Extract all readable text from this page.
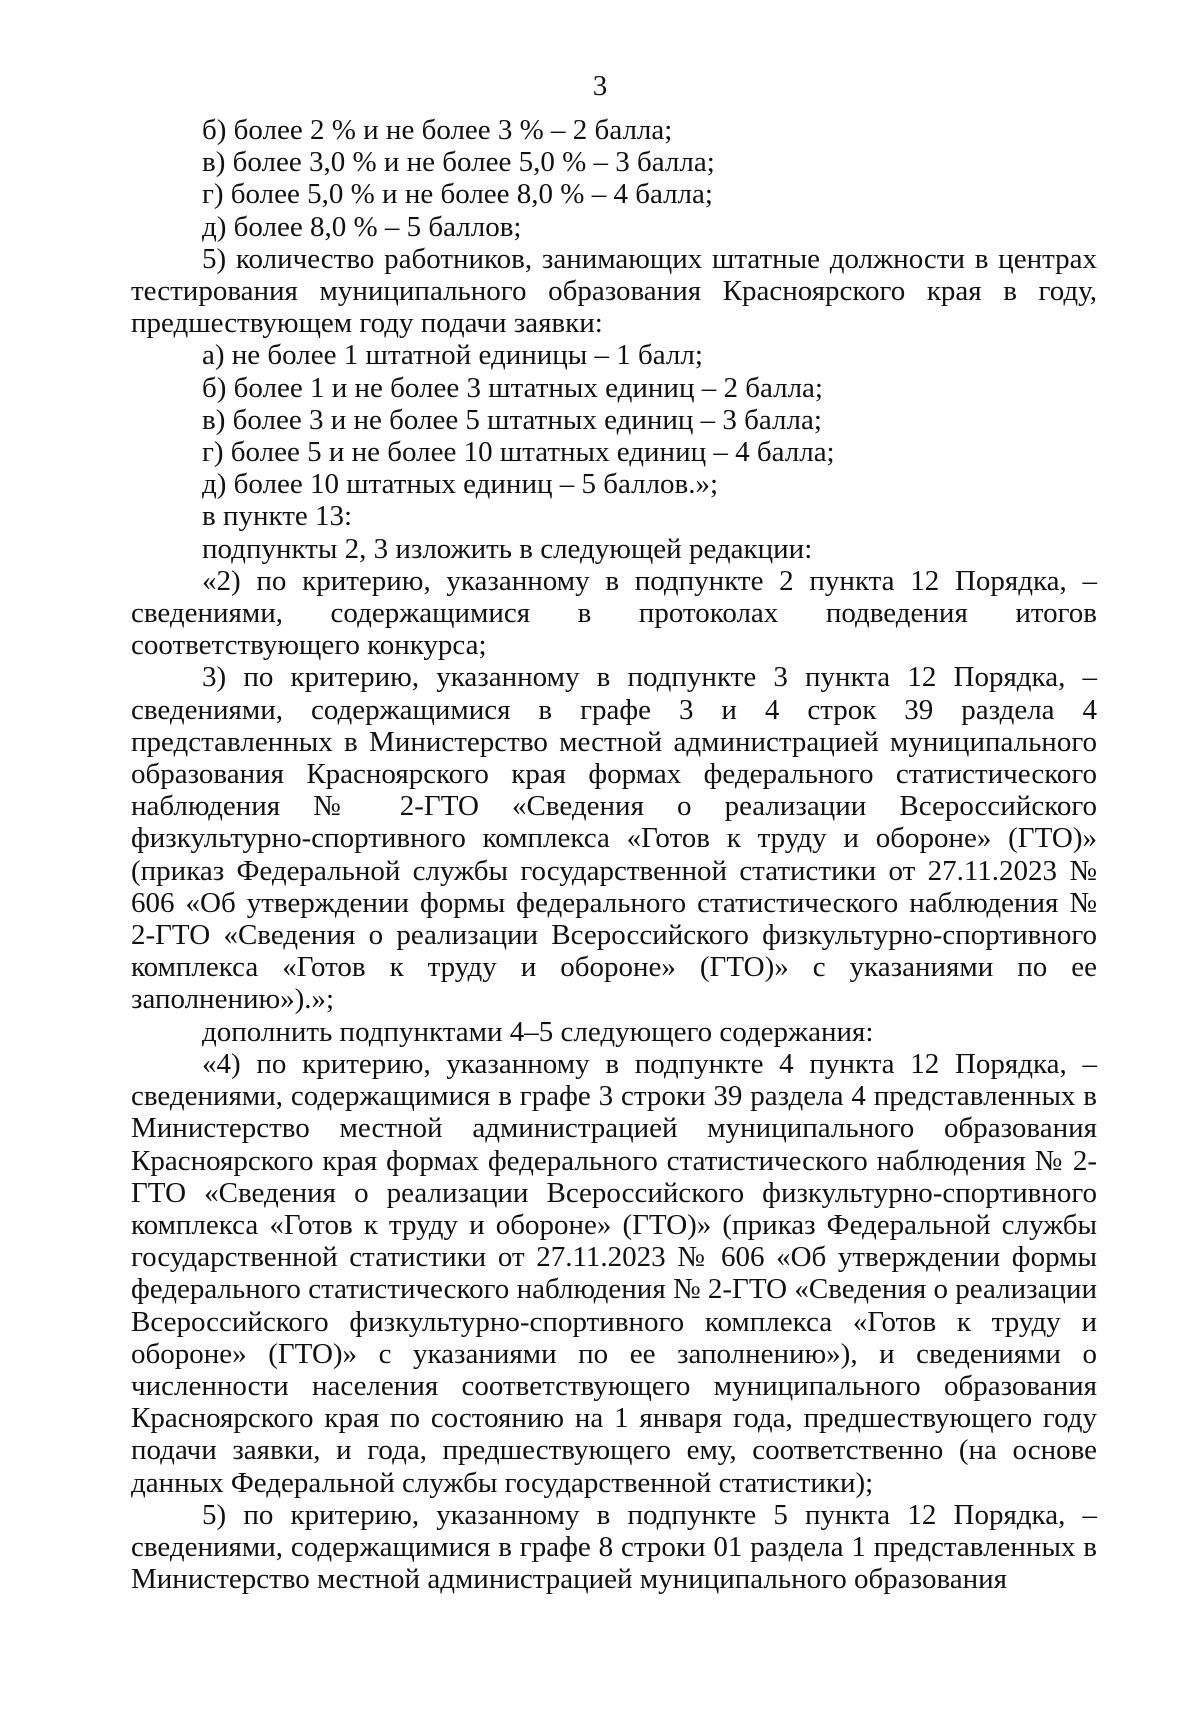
3

б) более 2 % и не более 3 % – 2 балла;

в) более 3,0 % и не более 5,0 % – 3 балла;

г) более 5,0 % и не более 8,0 % – 4 балла;

д) более 8,0 % – 5 баллов;

5) количество работников, занимающих штатные должности в центрах тестирования муниципального образования Красноярского края в году, предшествующем году подачи заявки:

а) не более 1 штатной единицы – 1 балл;

б) более 1 и не более 3 штатных единиц – 2 балла;

в) более 3 и не более 5 штатных единиц – 3 балла;

г) более 5 и не более 10 штатных единиц – 4 балла;

д) более 10 штатных единиц – 5 баллов.»;

в пункте 13:

подпункты 2, 3 изложить в следующей редакции:

«2) по критерию, указанному в подпункте 2 пункта 12 Порядка, – сведениями, содержащимися в протоколах подведения итогов соответствующего конкурса;

3) по критерию, указанному в подпункте 3 пункта 12 Порядка, – сведениями, содержащимися в графе 3 и 4 строк 39 раздела 4 представленных в Министерство местной администрацией муниципального образования Красноярского края формах федерального статистического наблюдения № 2-ГТО «Сведения о реализации Всероссийского физкультурно-спортивного комплекса «Готов к труду и обороне» (ГТО)» (приказ Федеральной службы государственной статистики от 27.11.2023 № 606 «Об утверждении формы федерального статистического наблюдения № 2-ГТО «Сведения о реализации Всероссийского физкультурно-спортивного комплекса «Готов к труду и обороне» (ГТО)» с указаниями по ее заполнению»).»;

дополнить подпунктами 4–5 следующего содержания:

«4) по критерию, указанному в подпункте 4 пункта 12 Порядка, – сведениями, содержащимися в графе 3 строки 39 раздела 4 представленных в Министерство местной администрацией муниципального образования Красноярского края формах федерального статистического наблюдения № 2-ГТО «Сведения о реализации Всероссийского физкультурно-спортивного комплекса «Готов к труду и обороне» (ГТО)» (приказ Федеральной службы государственной статистики от 27.11.2023 № 606 «Об утверждении формы федерального статистического наблюдения № 2-ГТО «Сведения о реализации Всероссийского физкультурно-спортивного комплекса «Готов к труду и обороне» (ГТО)» с указаниями по ее заполнению»), и сведениями о численности населения соответствующего муниципального образования Красноярского края по состоянию на 1 января года, предшествующего году подачи заявки, и года, предшествующего ему, соответственно (на основе данных Федеральной службы государственной статистики);

5) по критерию, указанному в подпункте 5 пункта 12 Порядка, – сведениями, содержащимися в графе 8 строки 01 раздела 1 представленных в Министерство местной администрацией муниципального образования
